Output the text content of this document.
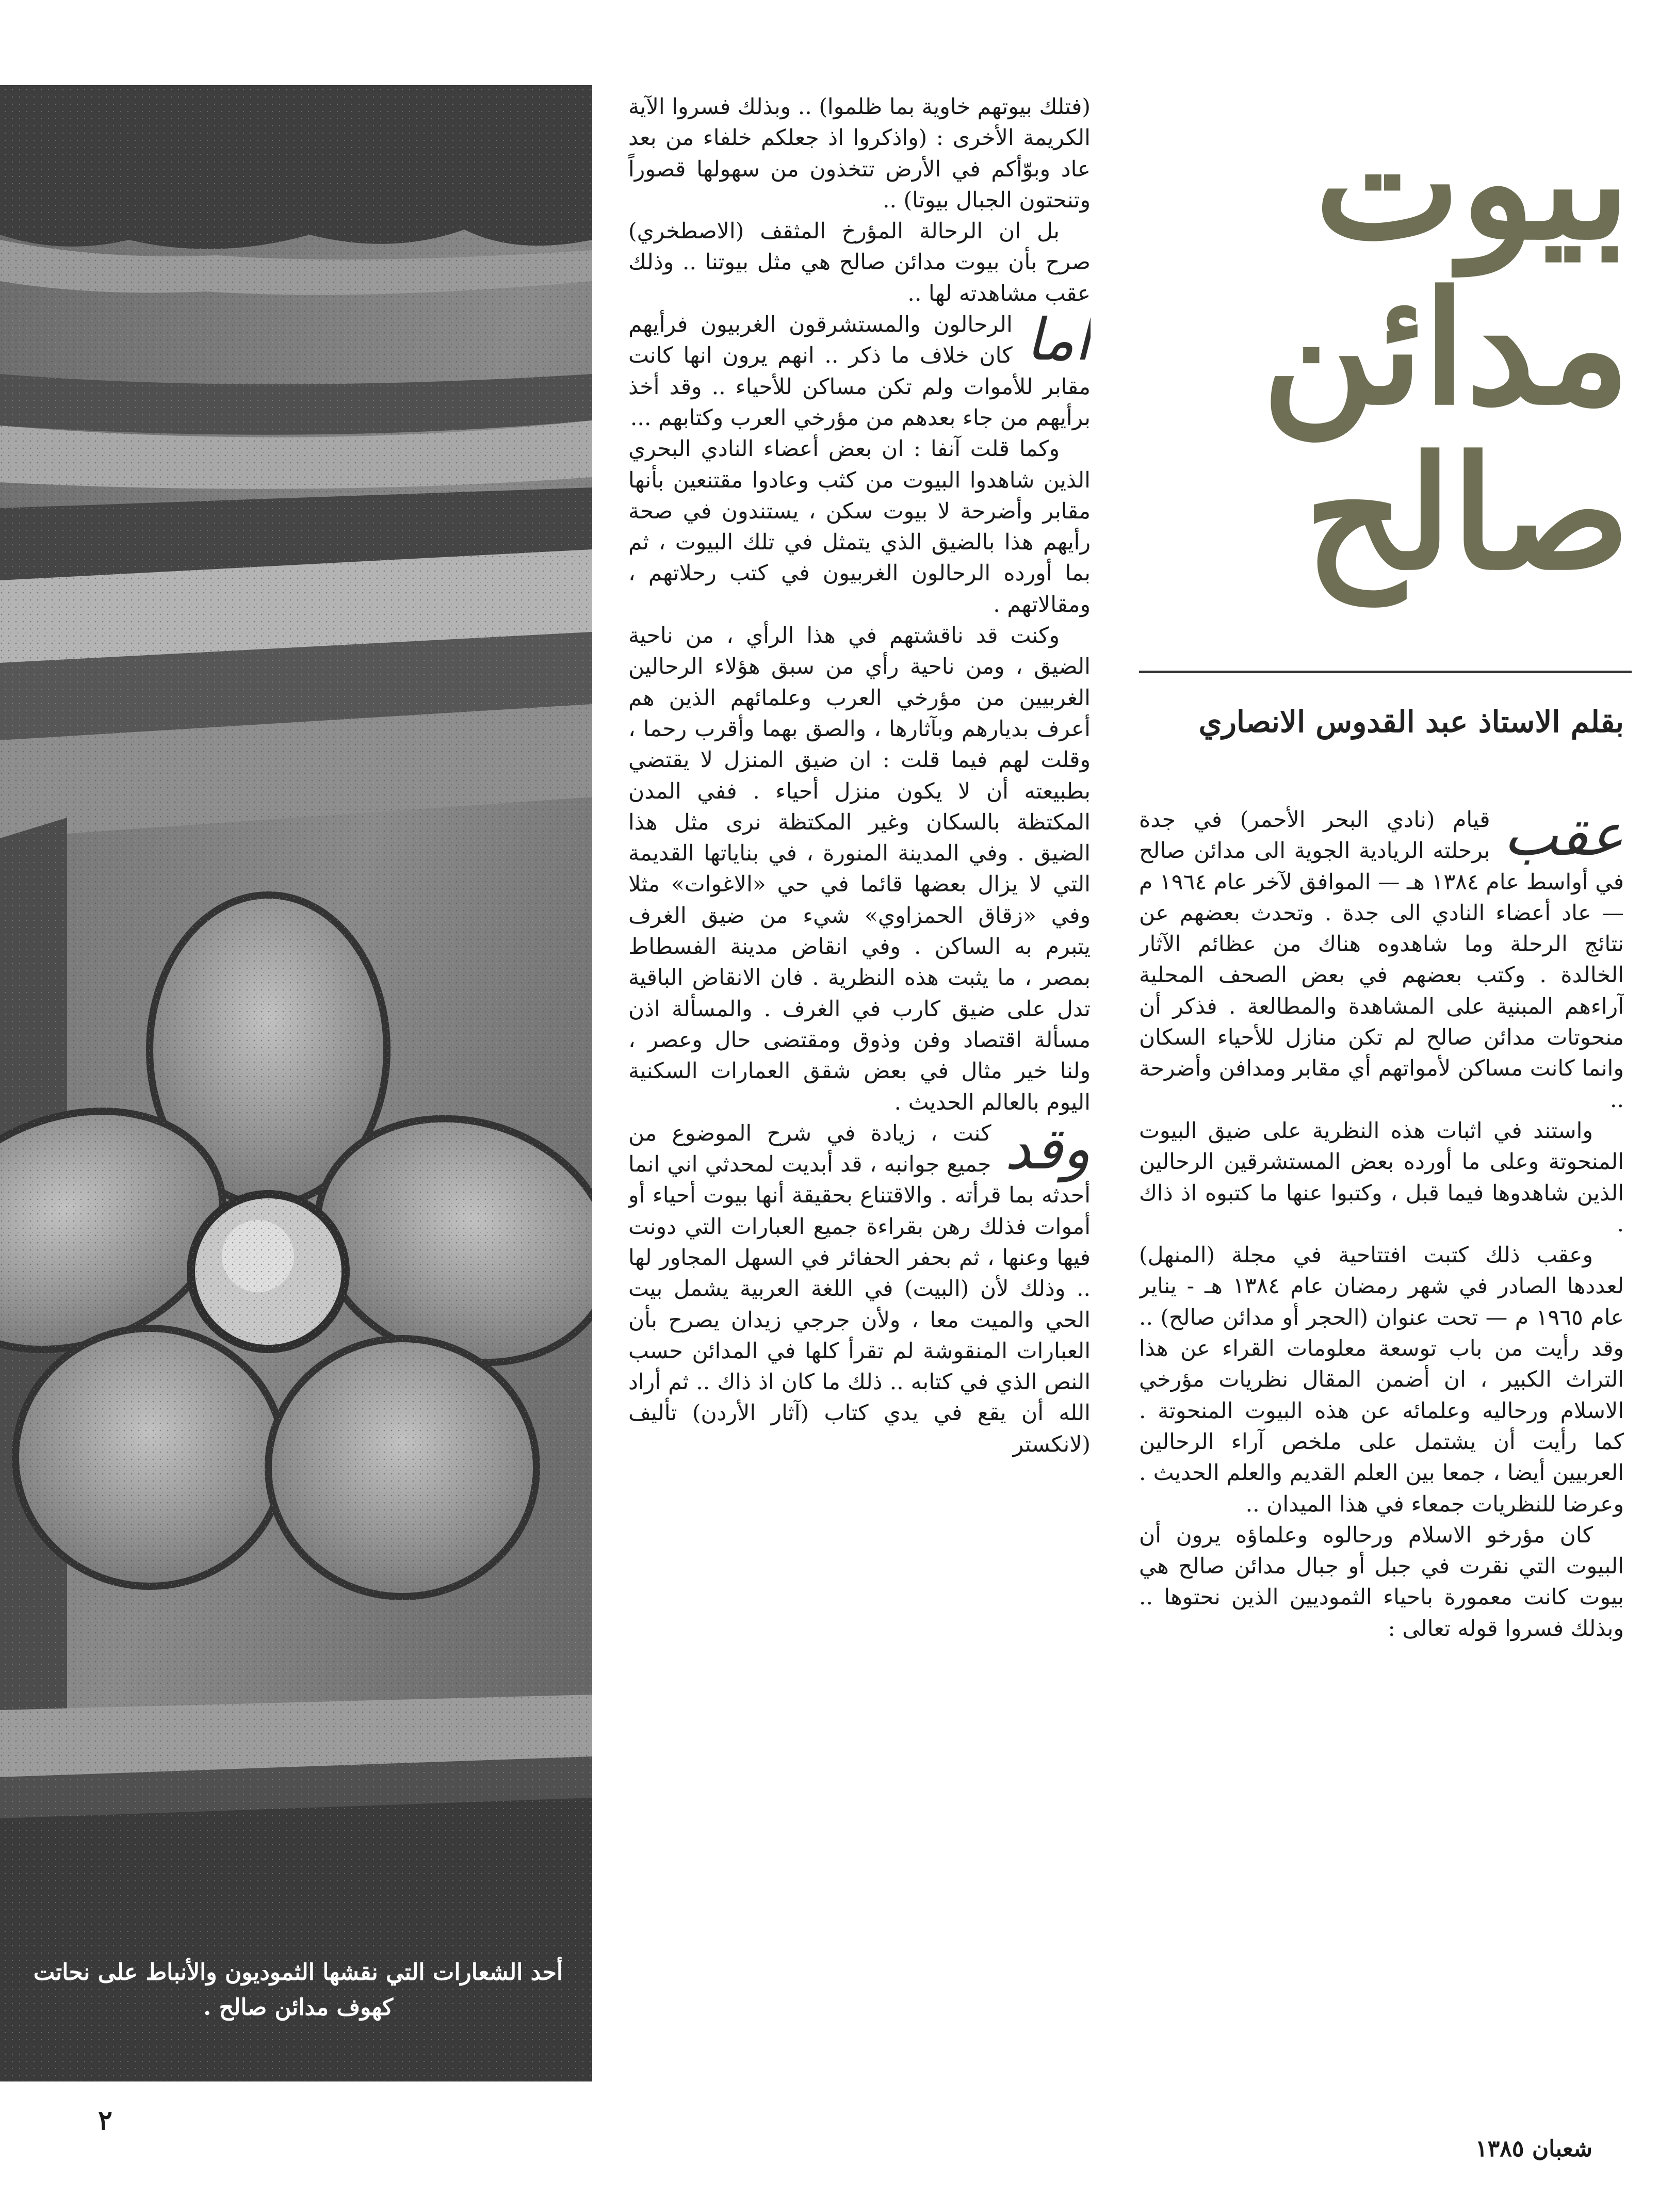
أحد الشعارات التي نقشها الثموديون والأنباط على نحاتت كهوف مدائن صالح .
بيوت
مدائن
صالح
بقلم الاستاذ عبد القدوس الانصاري

(فتلك بيوتهم خاوية بما ظلموا) .. وبذلك فسروا الآية الكريمة الأخرى : (واذكروا اذ جعلكم خلفاء من بعد عاد وبوّأكم في الأرض تتخذون من سهولها قصوراً وتنحتون الجبال بيوتا) ..

بل ان الرحالة المؤرخ المثقف (الاصطخري) صرح بأن بيوت مدائن صالح هي مثل بيوتنا .. وذلك عقب مشاهدته لها ..

اما
الرحالون والمستشرقون الغربيون فرأيهم كان خلاف ما ذكر .. انهم يرون انها كانت مقابر للأموات ولم تكن مساكن للأحياء .. وقد أخذ برأيهم من جاء بعدهم من مؤرخي العرب وكتابهم ...

وكما قلت آنفا : ان بعض أعضاء النادي البحري الذين شاهدوا البيوت من كثب وعادوا مقتنعين بأنها مقابر وأضرحة لا بيوت سكن ، يستندون في صحة رأيهم هذا بالضيق الذي يتمثل في تلك البيوت ، ثم بما أورده الرحالون الغربيون في كتب رحلاتهم ، ومقالاتهم .

وكنت قد ناقشتهم في هذا الرأي ، من ناحية الضيق ، ومن ناحية رأي من سبق هؤلاء الرحالين الغربيين من مؤرخي العرب وعلمائهم الذين هم أعرف بديارهم وبآثارها ، والصق بهما وأقرب رحما ، وقلت لهم فيما قلت : ان ضيق المنزل لا يقتضي بطبيعته أن لا يكون منزل أحياء . ففي المدن المكتظة بالسكان وغير المكتظة نرى مثل هذا الضيق . وفي المدينة المنورة ، في بناياتها القديمة التي لا يزال بعضها قائما في حي «الاغوات» مثلا وفي «زقاق الحمزاوي» شيء من ضيق الغرف يتبرم به الساكن . وفي انقاض مدينة الفسطاط بمصر ، ما يثبت هذه النظرية . فان الانقاض الباقية تدل على ضيق كارب في الغرف . والمسألة اذن مسألة اقتصاد وفن وذوق ومقتضى حال وعصر ، ولنا خير مثال في بعض شقق العمارات السكنية اليوم بالعالم الحديث .

وقد
كنت ، زيادة في شرح الموضوع من جميع جوانبه ، قد أبديت لمحدثي اني انما أحدثه بما قرأته . والاقتناع بحقيقة أنها بيوت أحياء أو أموات فذلك رهن بقراءة جميع العبارات التي دونت فيها وعنها ، ثم بحفر الحفائر في السهل المجاور لها .. وذلك لأن (البيت) في اللغة العربية يشمل بيت الحي والميت معا ، ولأن جرجي زيدان يصرح بأن العبارات المنقوشة لم تقرأ كلها في المدائن حسب النص الذي في كتابه .. ذلك ما كان اذ ذاك .. ثم أراد الله أن يقع في يدي كتاب (آثار الأردن) تأليف (لانكستر

عقب
قيام (نادي البحر الأحمر) في جدة برحلته الريادية الجوية الى مدائن صالح في أواسط عام ١٣٨٤ هـ — الموافق لآخر عام ١٩٦٤ م — عاد أعضاء النادي الى جدة . وتحدث بعضهم عن نتائج الرحلة وما شاهدوه هناك من عظائم الآثار الخالدة . وكتب بعضهم في بعض الصحف المحلية آراءهم المبنية على المشاهدة والمطالعة . فذكر أن منحوتات مدائن صالح لم تكن منازل للأحياء السكان وانما كانت مساكن لأمواتهم أي مقابر ومدافن وأضرحة ..

واستند في اثبات هذه النظرية على ضيق البيوت المنحوتة وعلى ما أورده بعض المستشرقين الرحالين الذين شاهدوها فيما قبل ، وكتبوا عنها ما كتبوه اذ ذاك .

وعقب ذلك كتبت افتتاحية في مجلة (المنهل) لعددها الصادر في شهر رمضان عام ١٣٨٤ هـ - يناير عام ١٩٦٥ م — تحت عنوان (الحجر أو مدائن صالح) .. وقد رأيت من باب توسعة معلومات القراء عن هذا التراث الكبير ، ان أضمن المقال نظريات مؤرخي الاسلام ورحاليه وعلمائه عن هذه البيوت المنحوتة . كما رأيت أن يشتمل على ملخص آراء الرحالين العربيين أيضا ، جمعا بين العلم القديم والعلم الحديث . وعرضا للنظريات جمعاء في هذا الميدان ..

كان مؤرخو الاسلام ورحالوه وعلماؤه يرون أن البيوت التي نقرت في جبل أو جبال مدائن صالح هي بيوت كانت معمورة باحياء الثموديين الذين نحتوها .. وبذلك فسروا قوله تعالى :

٢
شعبان ١٣٨٥
